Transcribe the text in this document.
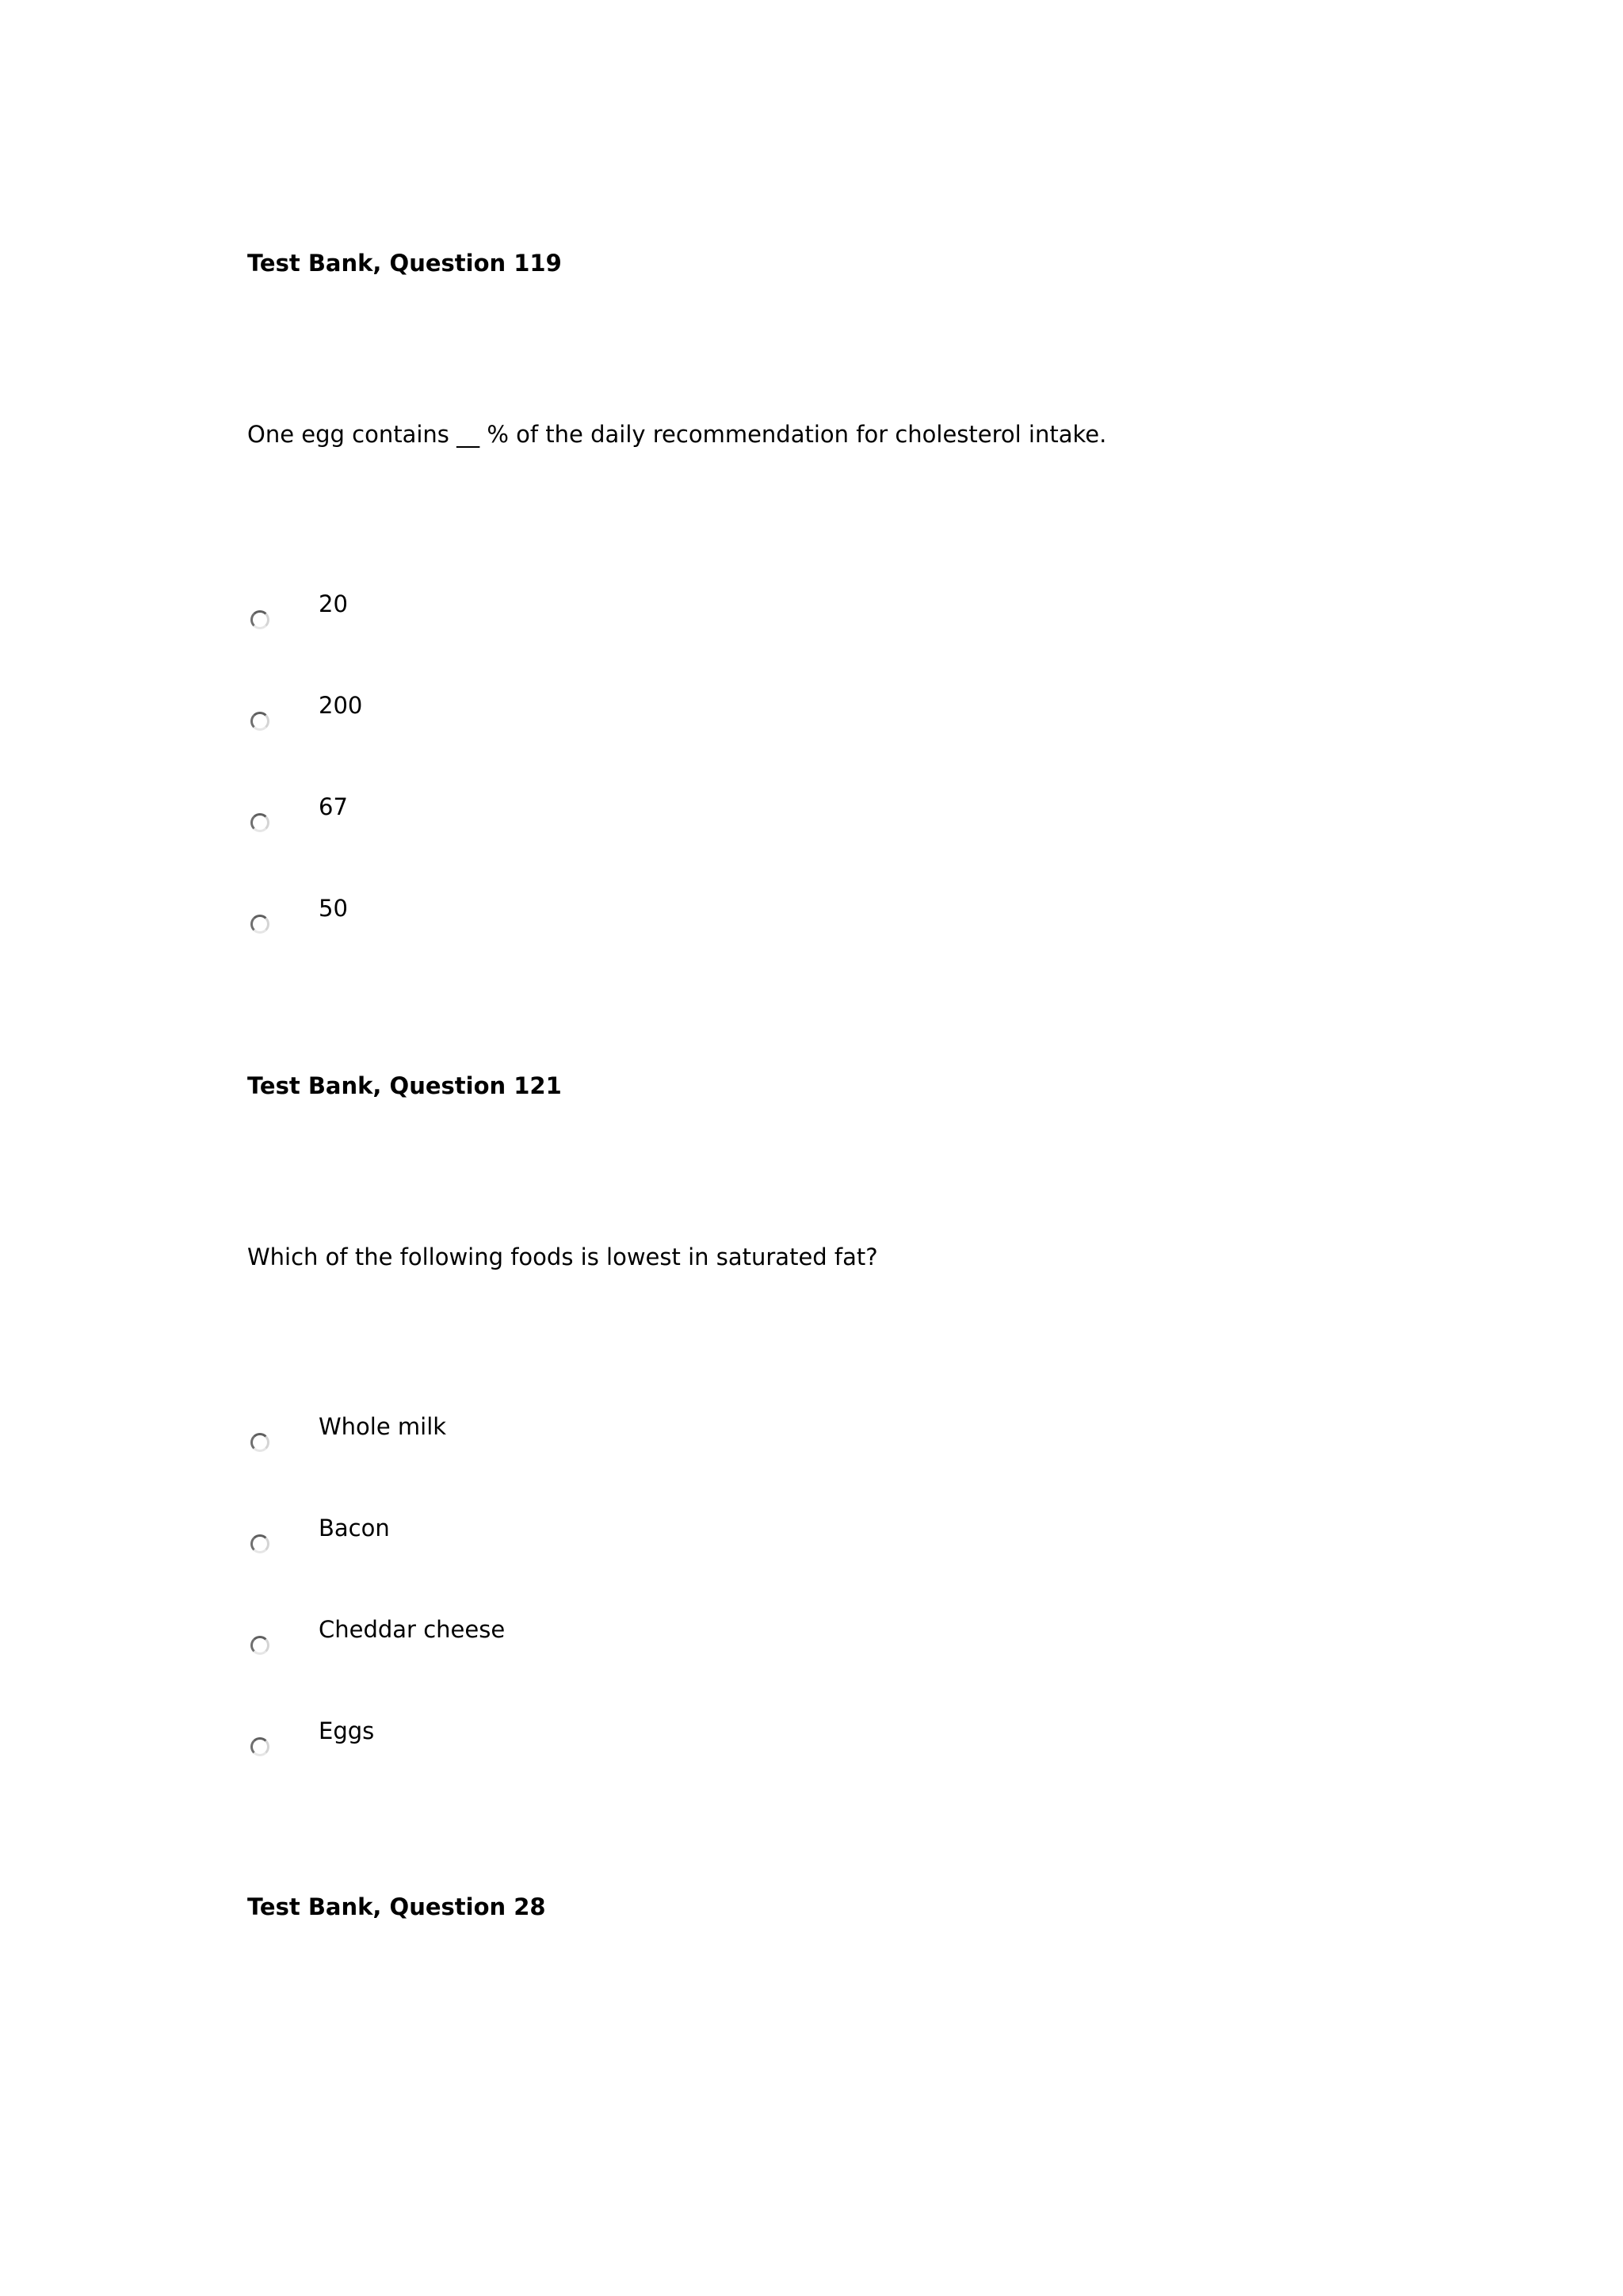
Test Bank, Question 119

One egg contains __ % of the daily recommendation for cholesterol intake.

20
200
67
50
Test Bank, Question 121

Which of the following foods is lowest in saturated fat?

Whole milk
Bacon
Cheddar cheese
Eggs
Test Bank, Question 28
